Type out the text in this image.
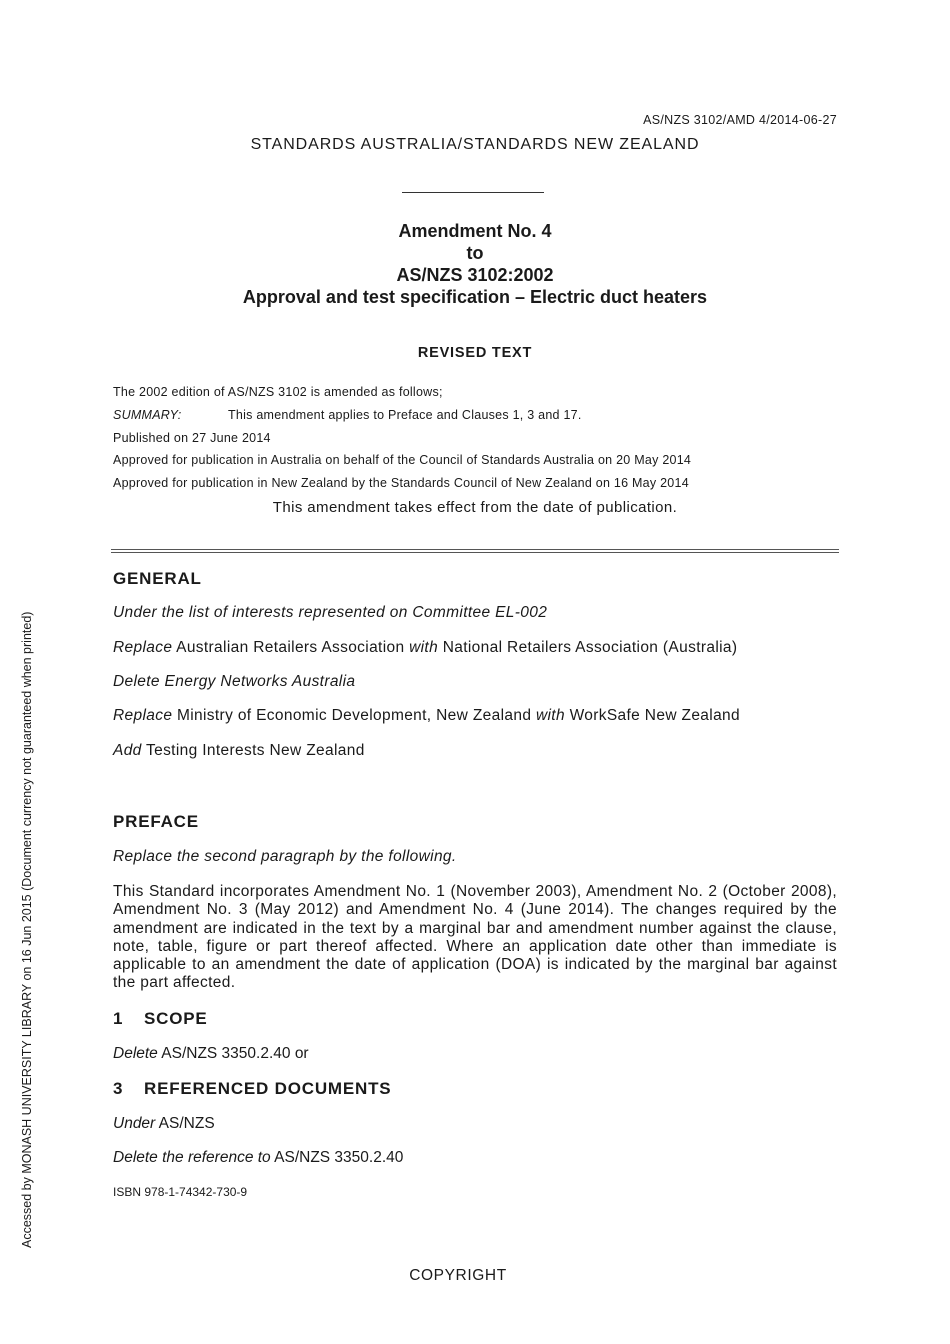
AS/NZS 3102/AMD 4/2014-06-27
STANDARDS AUSTRALIA/STANDARDS NEW ZEALAND
Amendment No. 4
to
AS/NZS 3102:2002
Approval and test specification – Electric duct heaters
REVISED TEXT
The 2002 edition of AS/NZS 3102 is amended as follows;
SUMMARY:	This amendment applies to Preface and Clauses 1, 3 and 17.
Published on 27 June 2014
Approved for publication in Australia on behalf of the Council of Standards Australia on 20 May 2014
Approved for publication in New Zealand by the Standards Council of New Zealand on 16 May 2014
This amendment takes effect from the date of publication.
GENERAL
Under the list of interests represented on Committee EL-002
Replace Australian Retailers Association with National Retailers Association (Australia)
Delete Energy Networks Australia
Replace Ministry of Economic Development, New Zealand with WorkSafe New Zealand
Add Testing Interests New Zealand
PREFACE
Replace the second paragraph by the following.
This Standard incorporates Amendment No. 1 (November 2003), Amendment No. 2 (October 2008), Amendment No. 3 (May 2012) and Amendment No. 4 (June 2014). The changes required by the amendment are indicated in the text by a marginal bar and amendment number against the clause, note, table, figure or part thereof affected. Where an application date other than immediate is applicable to an amendment the date of application (DOA) is indicated by the marginal bar against the part affected.
1 SCOPE
Delete AS/NZS 3350.2.40 or
3 REFERENCED DOCUMENTS
Under AS/NZS
Delete the reference to AS/NZS 3350.2.40
ISBN 978-1-74342-730-9
COPYRIGHT
Accessed by MONASH UNIVERSITY LIBRARY on 16 Jun 2015 (Document currency not guaranteed when printed)
